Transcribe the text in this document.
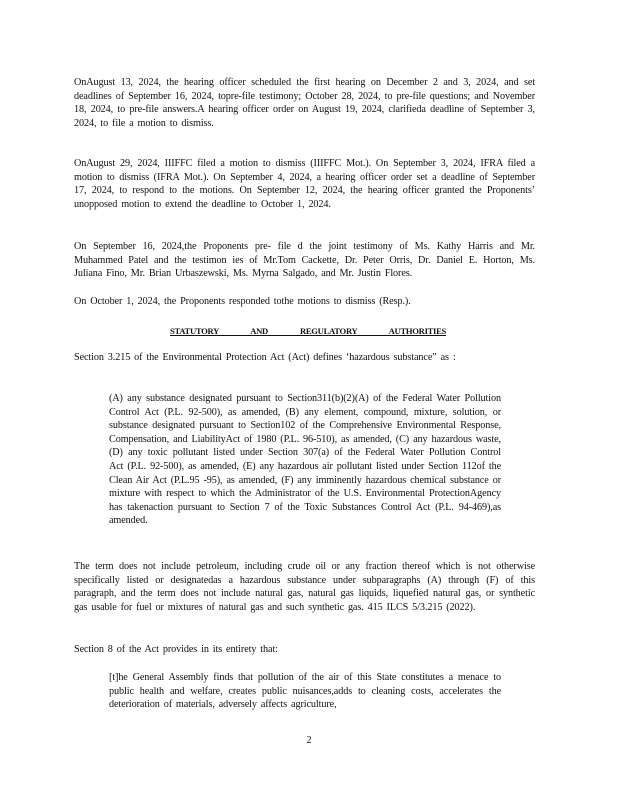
OnAugust 13, 2024, the hearing officer scheduled the first hearing on December 2 and 3, 2024, and set deadlines of September 16, 2024, topre-file testimony; October 28, 2024, to pre-file questions; and November 18, 2024, to pre-file answers.A hearing officer order on August 19, 2024, clarifieda deadline of September 3, 2024, to file a motion to dismiss.

OnAugust 29, 2024, IIIFFC filed a motion to dismiss (IIIFFC Mot.). On September 3, 2024, IFRA filed a motion to dismiss (IFRA Mot.). On September 4, 2024, a hearing officer order set a deadline of September 17, 2024, to respond to the motions. On September 12, 2024, the hearing officer granted the Proponents’ unopposed motion to extend the deadline to October 1, 2024.

On September 16, 2024,the Proponents pre- file d the joint testimony of Ms. Kathy Harris and Mr. Muhammed Patel and the testimon ies of Mr.Tom Cackette, Dr. Peter Orris, Dr. Daniel E. Horton, Ms. Juliana Fino, Mr. Brian Urbaszewski, Ms. Myrna Salgado, and Mr. Justin Flores.

On October 1, 2024, the Proponents responded tothe motions to dismiss (Resp.).

STATUTORY AND REGULATORY AUTHORITIES

Section 3.215 of the Environmental Protection Act (Act) defines ‘hazardous substance” as :

(A) any substance designated pursuant to Section311(b)(2)(A) of the Federal Water Pollution Control Act (P.L. 92-500), as amended, (B) any element, compound, mixture, solution, or substance designated pursuant to Section102 of the Comprehensive Environmental Response, Compensation, and LiabilityAct of 1980 (P.L. 96-510), as amended, (C) any hazardous waste, (D) any toxic pollutant listed under Section 307(a) of the Federal Water Pollution Control Act (P.L. 92-500), as amended, (E) any hazardous air pollutant listed under Section 112of the Clean Air Act (P.L.95 -95), as amended, (F) any imminently hazardous chemical substance or mixture with respect to which the Administrator of the U.S. Environmental ProtectionAgency has takenaction pursuant to Section 7 of the Toxic Substances Control Act (P.L. 94-469),as amended.

The term does not include petroleum, including crude oil or any fraction thereof which is not otherwise specifically listed or designatedas a hazardous substance under subparagraphs (A) through (F) of this paragraph, and the term does not include natural gas, natural gas liquids, liquefied natural gas, or synthetic gas usable for fuel or mixtures of natural gas and such synthetic gas. 415 ILCS 5/3.215 (2022).

Section 8 of the Act provides in its entirety that:

[t]he General Assembly finds that pollution of the air of this State constitutes a menace to public health and welfare, creates public nuisances,adds to cleaning costs, accelerates the deterioration of materials, adversely affects agriculture,

2
